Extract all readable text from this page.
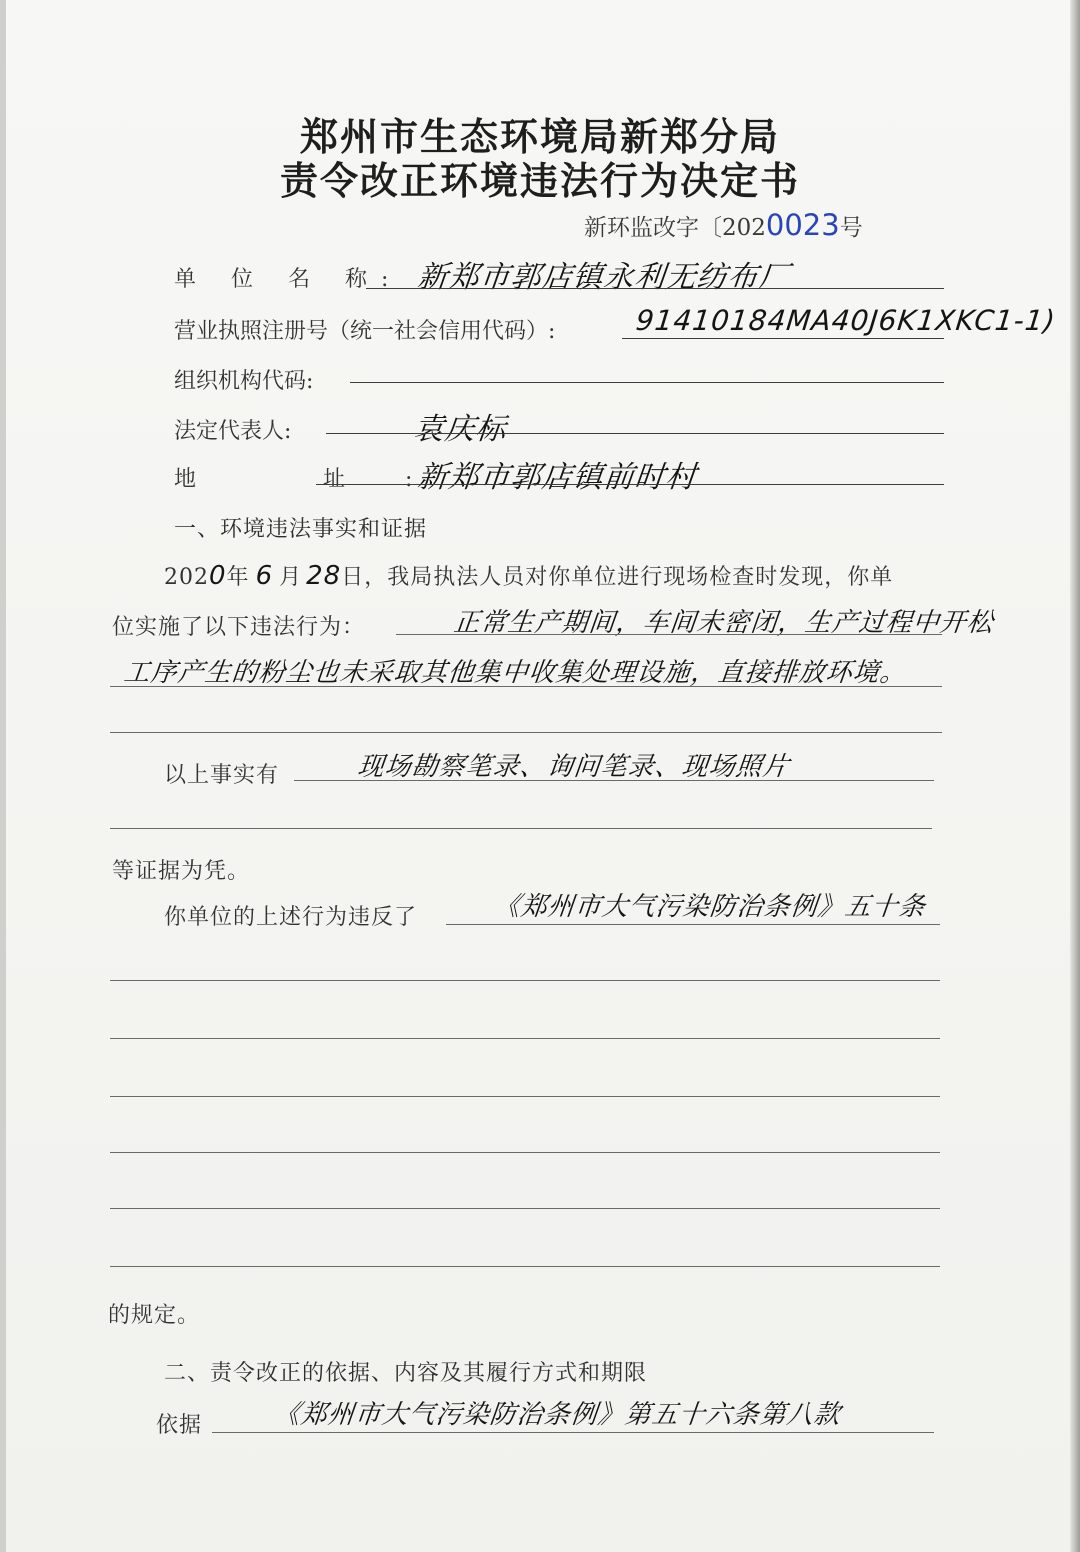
郑州市生态环境局新郑分局
责令改正环境违法行为决定书
新环监改字〔2020023号
单 位 名 称: 新郑市郭店镇永利无纺布厂
营业执照注册号（统一社会信用代码）:	91410184MA40J6K1XKC1-1)
组织机构代码:
法定代表人:	袁庆标
地 址:
新郑市郭店镇前时村
一、环境违法事实和证据
2020年 6 月 28日，我局执法人员对你单位进行现场检查时发现，你单
位实施了以下违法行为：	正常生产期间，车间未密闭，生产过程中开松
工序产生的粉尘也未采取其他集中收集处理设施，直接排放环境。
以上事实有	现场勘察笔录、询问笔录、现场照片
等证据为凭。
你单位的上述行为违反了	《郑州市大气污染防治条例》五十条
的规定。
二、责令改正的依据、内容及其履行方式和期限
依据	《郑州市大气污染防治条例》第五十六条第八款
